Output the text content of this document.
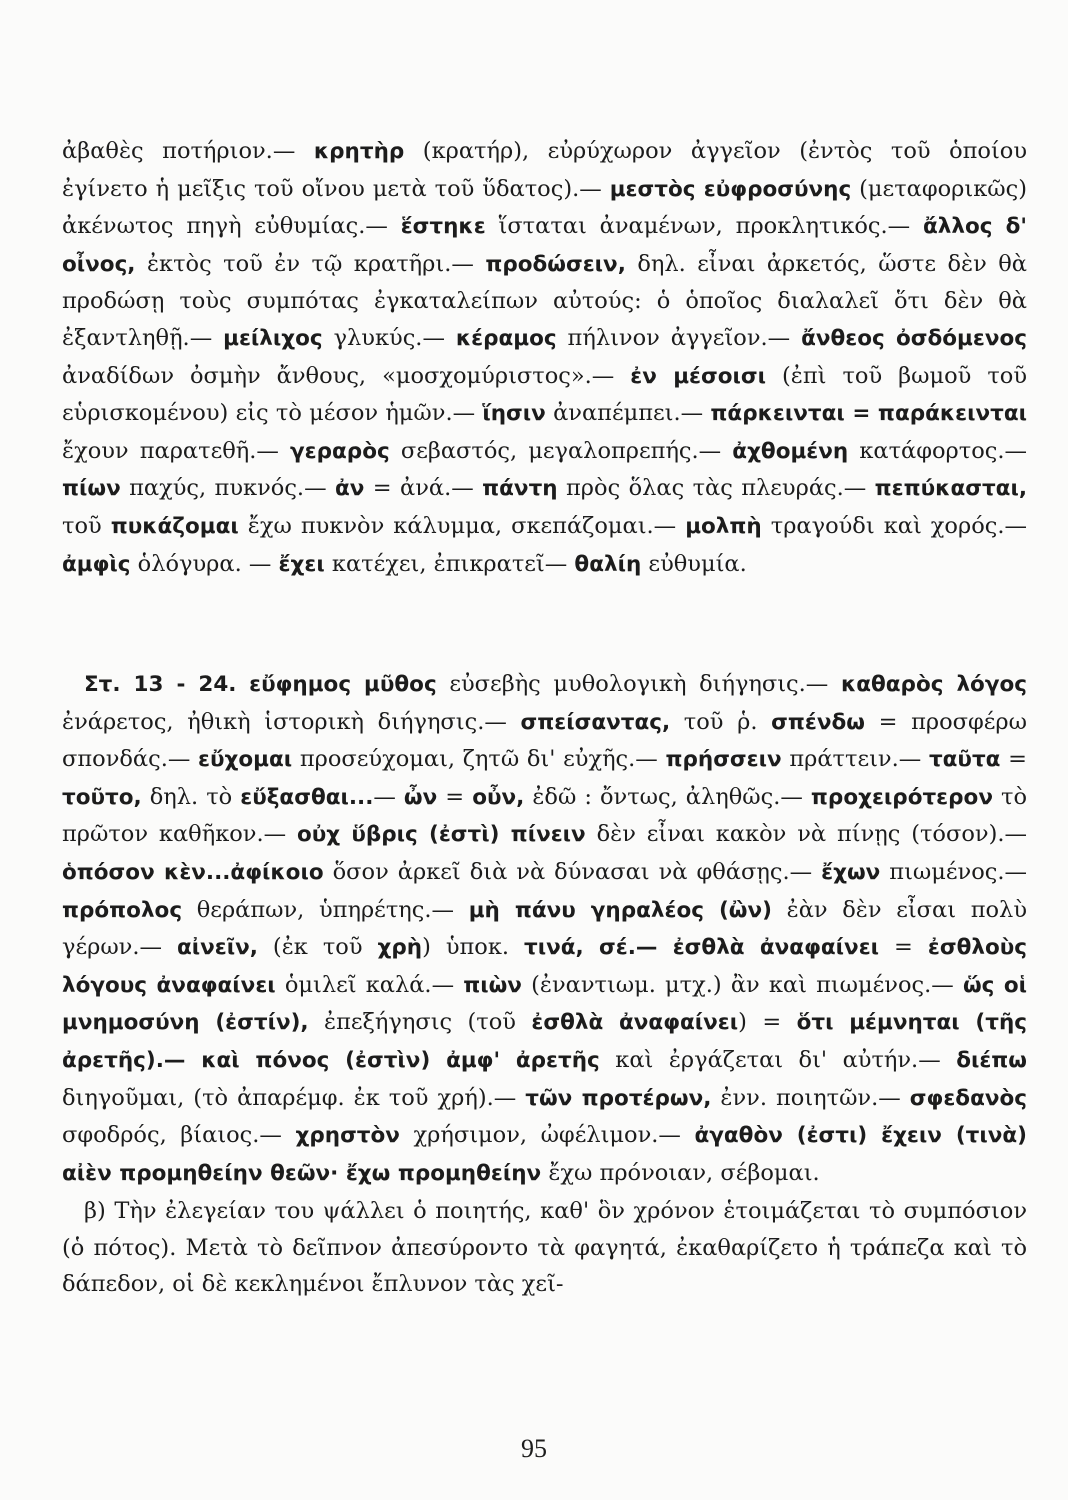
ἀβαθὲς ποτήριον.— κρητὴρ (κρατήρ), εὐρύχωρον ἀγγεῖον (ἐντὸς τοῦ ὁποίου ἐγίνετο ἡ μεῖξις τοῦ οἴνου μετὰ τοῦ ὕδατος).— μεστὸς εὐφροσύνης (μεταφορικῶς) ἀκένωτος πηγὴ εὐθυμίας.— ἕστηκε ἵσταται ἀναμένων, προκλητικός.— ἄλλος δ' οἶνος, ἐκτὸς τοῦ ἐν τῷ κρατῆρι.— προδώσειν, δηλ. εἶναι ἀρκετός, ὥστε δὲν θὰ προδώσῃ τοὺς συμπότας ἐγκαταλείπων αὐτούς: ὁ ὁποῖος διαλαλεῖ ὅτι δὲν θὰ ἐξαντληθῇ.— μείλιχος γλυκύς.— κέραμος πήλινον ἀγγεῖον.— ἄνθεος ὀσδόμενος ἀναδίδων ὀσμὴν ἄνθους, «μοσχομύριστος».— ἐν μέσοισι (ἐπὶ τοῦ βωμοῦ τοῦ εὑρισκομένου) εἰς τὸ μέσον ἡμῶν.— ἵησιν ἀναπέμπει.— πάρκεινται = παράκεινται ἔχουν παρατεθῆ.— γεραρὸς σεβαστός, μεγαλοπρεπής.— ἀχθομένη κατάφορτος.— πίων παχύς, πυκνός.— ἀν = ἀνά.— πάντη πρὸς ὅλας τὰς πλευράς.— πεπύκασται, τοῦ πυκάζομαι ἔχω πυκνὸν κάλυμμα, σκεπάζομαι.— μολπὴ τραγούδι καὶ χορός.— ἀμφὶς ὁλόγυρα. — ἔχει κατέχει, ἐπικρατεῖ— θαλίη εὐθυμία.

Στ. 13 - 24. εὔφημος μῦθος εὐσεβὴς μυθολογικὴ διήγησις.— καθαρὸς λόγος ἐνάρετος, ἠθικὴ ἱστορικὴ διήγησις.— σπείσαντας, τοῦ ῥ. σπένδω = προσφέρω σπονδάς.— εὔχομαι προσεύχομαι, ζητῶ δι' εὐχῆς.— πρήσσειν πράττειν.— ταῦτα = τοῦτο, δηλ. τὸ εὔξασθαι...— ὦν = οὖν, ἐδῶ : ὄντως, ἀληθῶς.— προχειρότερον τὸ πρῶτον καθῆκον.— οὐχ ὕβρις (ἐστὶ) πίνειν δὲν εἶναι κακὸν νὰ πίνῃς (τόσον).— ὁπόσον κὲν...ἀφίκοιο ὅσον ἀρκεῖ διὰ νὰ δύνασαι νὰ φθάσῃς.— ἔχων πιωμένος.— πρόπολος θεράπων, ὑπηρέτης.— μὴ πάνυ γηραλέος (ὢν) ἐὰν δὲν εἶσαι πολὺ γέρων.— αἰνεῖν, (ἐκ τοῦ χρὴ) ὑποκ. τινά, σέ.— ἐσθλὰ ἀναφαίνει = ἐσθλοὺς λόγους ἀναφαίνει ὁμιλεῖ καλά.— πιὼν (ἐναντιωμ. μτχ.) ἂν καὶ πιωμένος.— ὥς οἱ μνημοσύνη (ἐστίν), ἐπεξήγησις (τοῦ ἐσθλὰ ἀναφαίνει) = ὅτι μέμνηται (τῆς ἀρετῆς).— καὶ πόνος (ἐστὶν) ἀμφ' ἀρετῆς καὶ ἐργάζεται δι' αὐτήν.— διέπω διηγοῦμαι, (τὸ ἀπαρέμφ. ἐκ τοῦ χρή).— τῶν προτέρων, ἐνν. ποιητῶν.— σφεδανὸς σφοδρός, βίαιος.— χρηστὸν χρήσιμον, ὠφέλιμον.— ἀγαθὸν (ἐστι) ἔχειν (τινὰ) αἰὲν προμηθείην θεῶν· ἔχω προμηθείην ἔχω πρόνοιαν, σέβομαι.

β) Τὴν ἐλεγείαν του ψάλλει ὁ ποιητής, καθ' ὃν χρόνον ἑτοιμάζεται τὸ συμπόσιον (ὁ πότος). Μετὰ τὸ δεῖπνον ἀπεσύροντο τὰ φαγητά, ἐκαθαρίζετο ἡ τράπεζα καὶ τὸ δάπεδον, οἱ δὲ κεκλημένοι ἔπλυνον τὰς χεῖ-

95
